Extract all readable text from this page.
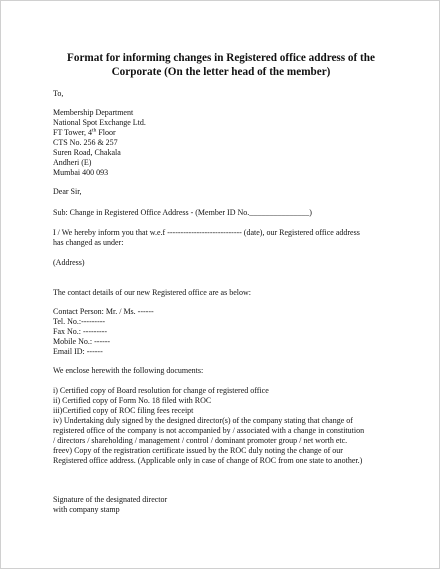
Format for informing changes in Registered office address of the
Corporate (On the letter head of the member)
To,
Membership Department
National Spot Exchange Ltd.
FT Tower, 4th Floor
CTS No. 256 & 257
Suren Road, Chakala
Andheri (E)
Mumbai 400 093
Dear Sir,
Sub: Change in Registered Office Address - (Member ID No._______________)
I / We hereby inform you that w.e.f ---------------------------- (date), our Registered office address
has changed as under:
(Address)
The contact details of our new Registered office are as below:
Contact Person: Mr. / Ms. ------
Tel. No.:---------
Fax No.: ---------
Mobile No.: ------
Email ID: ------
We enclose herewith the following documents:
i) Certified copy of Board resolution for change of registered office
ii) Certified copy of Form No. 18 filed with ROC
iii)Certified copy of ROC filing fees receipt
iv) Undertaking duly signed by the designed director(s) of the company stating that change of
registered office of the company is not accompanied by / associated with a change in constitution
/ directors / shareholding / management / control / dominant promoter group / net worth etc.
freev) Copy of the registration certificate issued by the ROC duly noting the change of our
Registered office address. (Applicable only in case of change of ROC from one state to another.)
Signature of the designated director
with company stamp
